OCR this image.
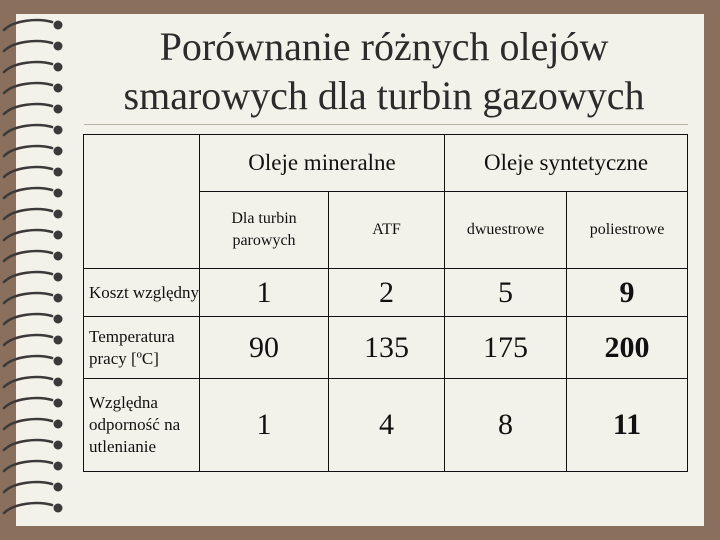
Porównanie różnych olejów
smarowych dla turbin gazowych
	Oleje mineralne		Oleje syntetyczne	
	Dla turbin parowych	ATF	dwuestrowe	poliestrowe
Koszt względny	1	2	5	9
Temperatura pracy [ºC]	90	135	175	200
Względna odporność na utlenianie	1	4	8	11
